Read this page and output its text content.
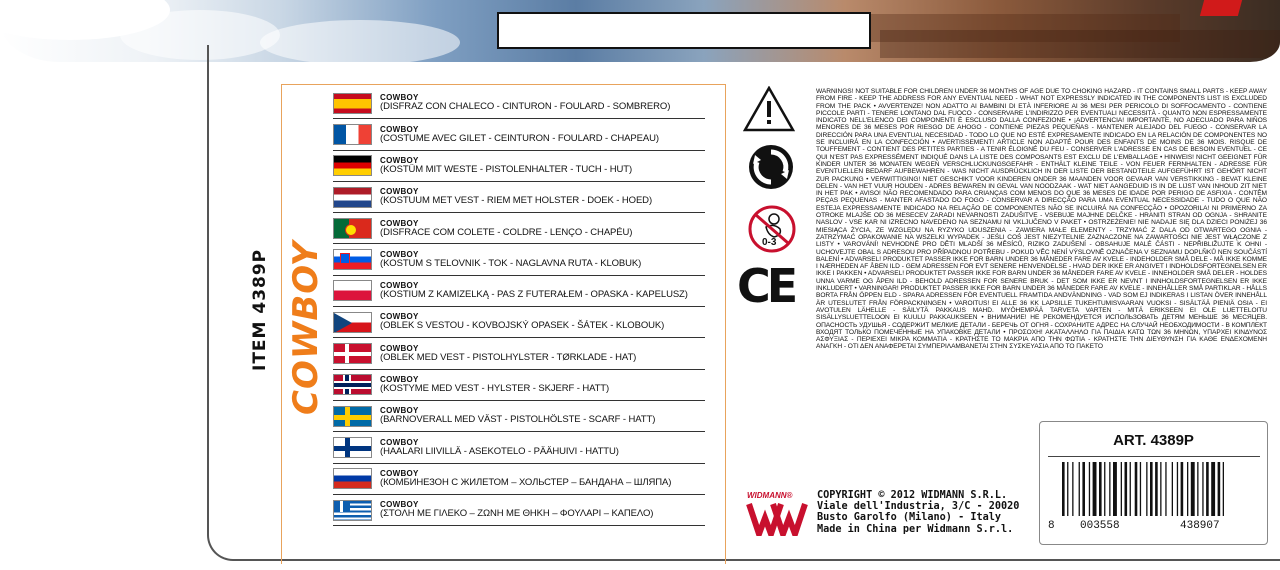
ITEM 4389P COWBOY
COWBOY
(DISFRAZ CON CHALECO - CINTURON - FOULARD - SOMBRERO)
COWBOY
(COSTUME AVEC GILET - CEINTURON - FOULARD - CHAPEAU)
COWBOY
(KOSTÜM MIT WESTE - PISTOLENHALTER - TUCH - HUT)
COWBOY
(KOSTUUM MET VEST - RIEM MET HOLSTER - DOEK - HOED)
COWBOY
(DISFRACE COM COLETE - COLDRE - LENÇO - CHAPÉU)
COWBOY
(KOSTUM S TELOVNIK - TOK - NAGLAVNA RUTA - KLOBUK)
COWBOY
(KOSTIUM Z KAMIZELKĄ - PAS Z FUTERAŁEM - OPASKA - KAPELUSZ)
COWBOY
(OBLEK S VESTOU - KOVBOJSKÝ OPASEK - ŠÁTEK - KLOBOUK)
COWBOY
(OBLEK MED VEST - PISTOLHYLSTER - TØRKLADE - HAT)
COWBOY
(KOSTYME MED VEST - HYLSTER - SKJERF - HATT)
COWBOY
(BARNOVERALL MED VÄST - PISTOLHÖLSTE - SCARF - HATT)
COWBOY
(HAALARI LIIVILLÄ - ASEKOTELO - PÄÄHUIVI - HATTU)
COWBOY
(КОМБИНЕЗОН С ЖИЛЕТОМ – ХОЛЬСТЕР – БАНДАНА – ШЛЯПА)
COWBOY
(ΣΤΟΛΗ ΜΕ ΓΙΛΕΚΟ – ΖΩΝΗ ΜΕ ΘΗΚΗ – ΦΟΥΛΑΡΙ – ΚΑΠΕΛΟ)
0-3
CE

WARNINGS! NOT SUITABLE FOR CHILDREN UNDER 36 MONTHS OF AGE DUE TO CHOKING HAZARD - IT CONTAINS SMALL PARTS - KEEP AWAY FROM FIRE - KEEP THE ADDRESS FOR ANY EVENTUAL NEED - WHAT NOT EXPRESSLY INDICATED IN THE COMPONENTS LIST IS EXCLUDED FROM THE PACK • AVVERTENZE! NON ADATTO AI BAMBINI DI ETÀ INFERIORE AI 36 MESI PER PERICOLO DI SOFFOCAMENTO - CONTIENE PICCOLE PARTI - TENERE LONTANO DAL FUOCO - CONSERVARE L'INDIRIZZO PER EVENTUALI NECESSITÀ - QUANTO NON ESPRESSAMENTE INDICATO NELL'ELENCO DEI COMPONENTI È ESCLUSO DALLA CONFEZIONE • ¡ADVERTENCIA! IMPORTANTE, NO ADECUADO PARA NIÑOS MENORES DE 36 MESES POR RIESGO DE AHOGO - CONTIENE PIEZAS PEQUEÑAS - MANTENER ALEJADO DEL FUEGO - CONSERVAR LA DIRECCIÓN PARA UNA EVENTUAL NECESIDAD - TODO LO QUE NO ESTÉ EXPRESAMENTE INDICADO EN LA RELACIÓN DE COMPONENTES NO SE INCLUIRÁ EN LA CONFECCIÓN • AVERTISSEMENT! ARTICLE NON ADAPTÉ POUR DES ENFANTS DE MOINS DE 36 MOIS. RISQUE DE TOUFFEMENT - CONTIENT DES PETITES PARTIES - A TENIR ÉLOIGNÉ DU FEU - CONSERVER L'ADRESSE EN CAS DE BESOIN EVENTUEL - CE QUI N'EST PAS EXPRESSÉMENT INDIQUÉ DANS LA LISTE DES COMPOSANTS EST EXCLU DE L'EMBALLAGE • HINWEIS! NICHT GEEIGNET FÜR KINDER UNTER 36 MONATEN WEGEN VERSCHLUCKUNGSGEFAHR - ENTHÄLT KLEINE TEILE - VON FEUER FERNHALTEN - ADRESSE FÜR EVENTUELLEN BEDARF AUFBEWAHREN - WAS NICHT AUSDRÜCKLICH IN DER LISTE DER BESTANDTEILE AUFGEFÜHRT IST GEHÖRT NICHT ZUR PACKUNG • VERWITTIGING! NIET GESCHIKT VOOR KINDEREN ONDER 36 MAANDEN VOOR GEVAAR VAN VERSTIKKING - BEVAT KLEINE DELEN - VAN HET VUUR HOUDEN - ADRES BEWAREN IN GEVAL VAN NOODZAAK - WAT NIET AANGEDUID IS IN DE LIJST VAN INHOUD ZIT NIET IN HET PAK • AVISO! NÃO RECOMENDADO PARA CRIANÇAS COM MENOS DO QUE 36 MESES DE IDADE POR PERIGO DE ASFIXIA - CONTÊM PEÇAS PEQUENAS - MANTER AFASTADO DO FOGO - CONSERVAR A DIRECÇÃO PARA UMA EVENTUAL NECESSIDADE - TUDO O QUE NÃO ESTEJA EXPRESSAMENTE INDICADO NA RELAÇÃO DE COMPONENTES NÃO SE INCLUIRÁ NA CONFECÇÃO • OPOZORILA! NI PRIMERNO ZA OTROKE MLAJŠE OD 36 MESECEV ZARADI NEVARNOSTI ZADUŠITVE - VSEBUJE MAJHNE DELČKE - HRANITI STRAN OD OGNJA - SHRANITE NASLOV - VSE KAR NI IZRECNO NAVEDENO NA SEZNAMU NI VKLJUČENO V PAKET • OSTRZEŻENIE! NIE NADAJE SIĘ DLA DZIECI PONIŻEJ 36 MIESIĄCA ŻYCIA, ZE WZGLĘDU NA RYZYKO UDUSZENIA - ZAWIERA MAŁE ELEMENTY - TRZYMAĆ Z DALA OD OTWARTEGO OGNIA - ZATRZYMAĆ OPAKOWANIE NA WSZELKI WYPADEK - JEŚLI COŚ JEST NIEZYTELNIE ZAZNACZONE NA ZAWARTOŚCI NIE JEST WŁĄCZONE Z LISTY • VAROVÁNÍ! NEVHODNÉ PRO DĚTI MLADŠÍ 36 MĚSÍCŮ, RIZIKO ZADUŠENÍ - OBSAHUJE MALÉ ČÁSTI - NEPŘIBLIŽUJTE K OHNI - UCHOVEJTE OBAL S ADRESOU PRO PŘÍPADNOU POTŘEBU - POKUD VĚC NENÍ VÝSLOVNĚ OZNAČENA V SEZNAMU DOPLŇKŮ NEN SOUČÁSTÍ BALENÍ • ADVARSEL! PRODUKTET PASSER IKKE FOR BARN UNDER 36 MÅNEDER FARE AV KVELE - INDEHOLDER SMÅ DELE - MÅ IKKE KOMME I NÆRHEDEN AF ÅBEN ILD - GEM ADRESSEN FOR EVT SENERE HENVENDELSE - HVAD DER IKKE ER ANGIVET I INDHOLDSFORTEGNELSEN ER IKKE I PAKKEN • ADVARSEL! PRODUKTET PASSER IKKE FOR BARN UNDER 36 MÅNEDER FARE AV KVELE - INNEHOLDER SMÅ DELER - HOLDES UNNA VARME OG ÅPEN ILD - BEHOLD ADRESSEN FOR SENERE BRUK - DET SOM IKKE ER NEVNT I INNHOLDSFORTEGNELSEN ER IKKE INKLUDERT • VARNINGAR! PRODUKTET PASSER IKKE FOR BARN UNDER 36 MÅNEDER FARE AV KVELE - INNEHÅLLER SMÅ PARTIKLAR - HÅLLS BORTA FRÅN ÖPPEN ELD - SPARA ADRESSEN FÖR EVENTUELL FRAMTIDA ANDVÄNDNING - VAD SOM EJ INDIKERAS I LISTAN ÖVER INNEHÅLL ÄR UTESLUTET FRÅN FÖRPACKNINGEN • VAROITUS! EI ALLE 36 KK LAPSILLE TUKEHTUMISVAARAN VUOKSI - SISÄLTÄÄ PIENIÄ OSIA - EI AVOTULEN LÄHELLE - SÄILYTÄ PAKKAUS MAHD. MYÖHEMPÄÄ TARVETA VARTEN - MITÄ ERIKSEEN EI OLE LUETTELOITU SISÄLLYSLUETTELOON EI KUULU PAKKAUKSEEN • ВНИМАНИЕ! НЕ РЕКОМЕНДУЕТСЯ ИСПОЛЬЗОВАТЬ ДЕТЯМ МЕНЬШЕ 36 МЕСЯЦЕВ. ОПАСНОСТЬ УДУШЬЯ - СОДЕРЖИТ МЕЛКИЕ ДЕТАЛИ - БЕРЕЧЬ ОТ ОГНЯ - СОХРАНИТЕ АДРЕС НА СЛУЧАЙ НЕОБХОДИМОСТИ - В КОМПЛЕКТ ВХОДЯТ ТОЛЬКО ПОМЕЧЕННЫЕ НА УПАКОВКЕ ДЕТАЛИ • ΠΡΟΣΟΧΗ! ΑΚΑΤΑΛΛΗΛΟ ΓΙΑ ΠΑΙΔΙΑ ΚΑΤΩ ΤΩΝ 36 ΜΗΝΩΝ, ΥΠΑΡΧΕΙ ΚΙΝΔΥΝΟΣ ΑΣΦΥΞΙΑΣ - ΠΕΡΙΕΧΕΙ ΜΙΚΡΑ ΚΟΜΜΑΤΙΑ - ΚΡΑΤΗΣΤΕ ΤΟ ΜΑΚΡΙΑ ΑΠΟ ΤΗΝ ΦΩΤΙΑ - ΚΡΑΤΗΣΤΕ ΤΗΝ ΔΙΕΥΘΥΝΣΗ ΓΙΑ ΚΑΘΕ ΕΝΔΕΧΟΜΕΝΗ ΑΝΑΓΚΗ - ΟΤΙ ΔΕΝ ΑΝΑΦΕΡΕΤΑΙ ΣΥΜΠΕΡΙΛΑΜΒΑΝΕΤΑΙ ΣΤΗΝ ΣΥΣΚΕΥΑΣΙΑ ΑΠΟ ΤΟ ΠΑΚΕΤΟ

WIDMANN® COPYRIGHT © 2012 WIDMANN S.R.L.
Viale dell'Industria, 3/C - 20020
Busto Garolfo (Milano) - Italy
Made in China per Widmann S.r.l.
ART. 4389P
8 003558	438907
